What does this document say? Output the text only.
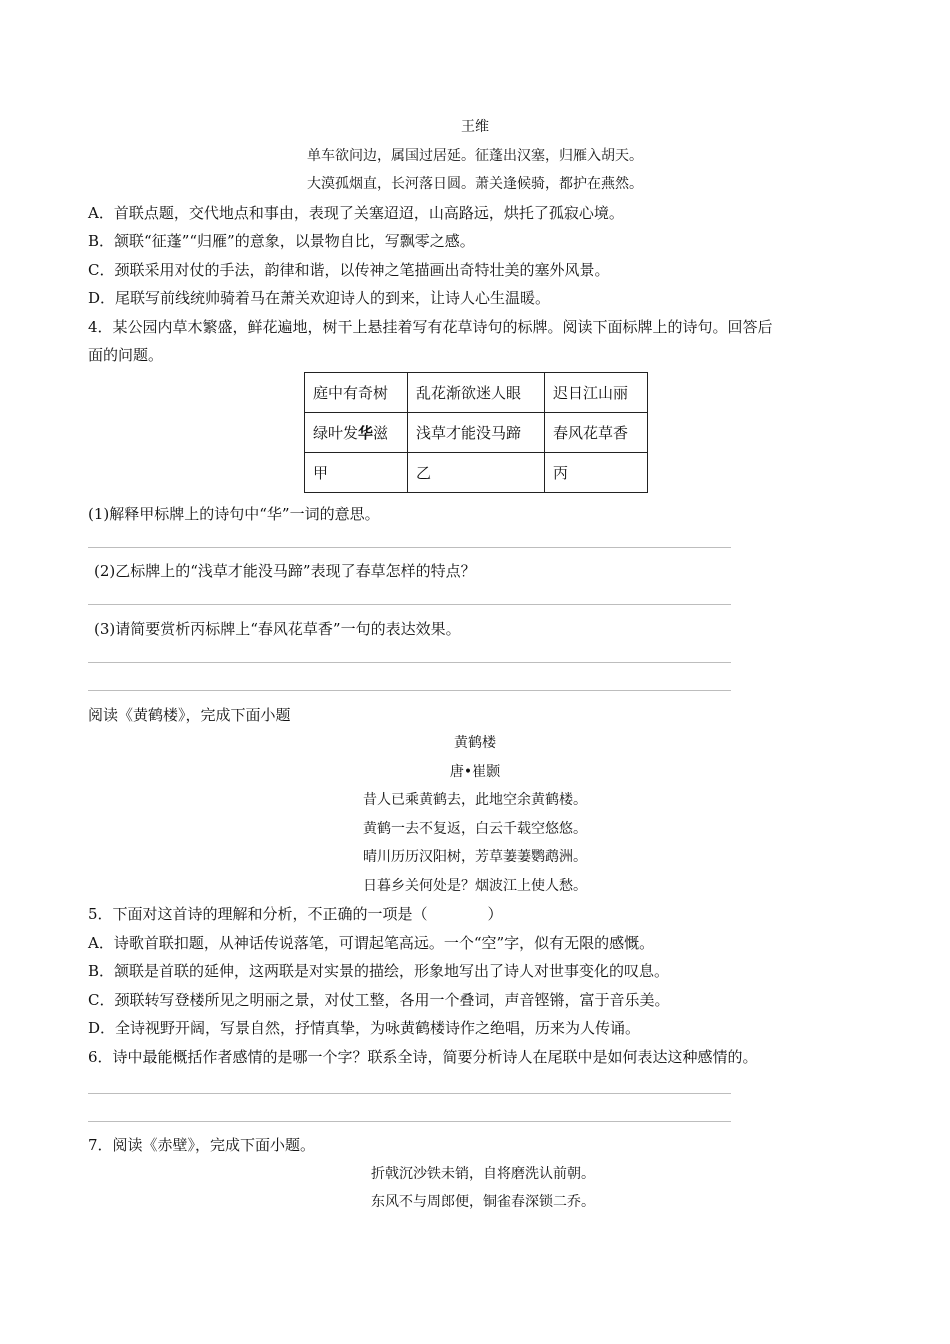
王维
单车欲问边，属国过居延。征蓬出汉塞，归雁入胡天。
大漠孤烟直，长河落日圆。萧关逢候骑，都护在燕然。
A．首联点题，交代地点和事由，表现了关塞迢迢，山高路远，烘托了孤寂心境。
B．颔联“征蓬”“归雁”的意象，以景物自比，写飘零之感。
C．颈联采用对仗的手法，韵律和谐，以传神之笔描画出奇特壮美的塞外风景。
D．尾联写前线统帅骑着马在萧关欢迎诗人的到来，让诗人心生温暖。
4．某公园内草木繁盛，鲜花遍地，树干上悬挂着写有花草诗句的标牌。阅读下面标牌上的诗句。回答后
面的问题。
庭中有奇树	乱花渐欲迷人眼	迟日江山丽
绿叶发华滋	浅草才能没马蹄	春风花草香
甲	乙	丙
(1)解释甲标牌上的诗句中“华”一词的意思。
(2)乙标牌上的“浅草才能没马蹄”表现了春草怎样的特点？
(3)请简要赏析丙标牌上“春风花草香”一句的表达效果。
阅读《黄鹤楼》，完成下面小题
黄鹤楼
唐•崔颢
昔人已乘黄鹤去，此地空余黄鹤楼。
黄鹤一去不复返，白云千载空悠悠。
晴川历历汉阳树，芳草萋萋鹦鹉洲。
日暮乡关何处是？烟波江上使人愁。
5．下面对这首诗的理解和分析，不正确的一项是（　　　　）
A．诗歌首联扣题，从神话传说落笔，可谓起笔高远。一个“空”字，似有无限的感慨。
B．颔联是首联的延伸，这两联是对实景的描绘，形象地写出了诗人对世事变化的叹息。
C．颈联转写登楼所见之明丽之景，对仗工整，各用一个叠词，声音铿锵，富于音乐美。
D．全诗视野开阔，写景自然，抒情真挚，为咏黄鹤楼诗作之绝唱，历来为人传诵。
6．诗中最能概括作者感情的是哪一个字？联系全诗，简要分析诗人在尾联中是如何表达这种感情的。
7．阅读《赤壁》，完成下面小题。
折戟沉沙铁未销，自将磨洗认前朝。
东风不与周郎便，铜雀春深锁二乔。
